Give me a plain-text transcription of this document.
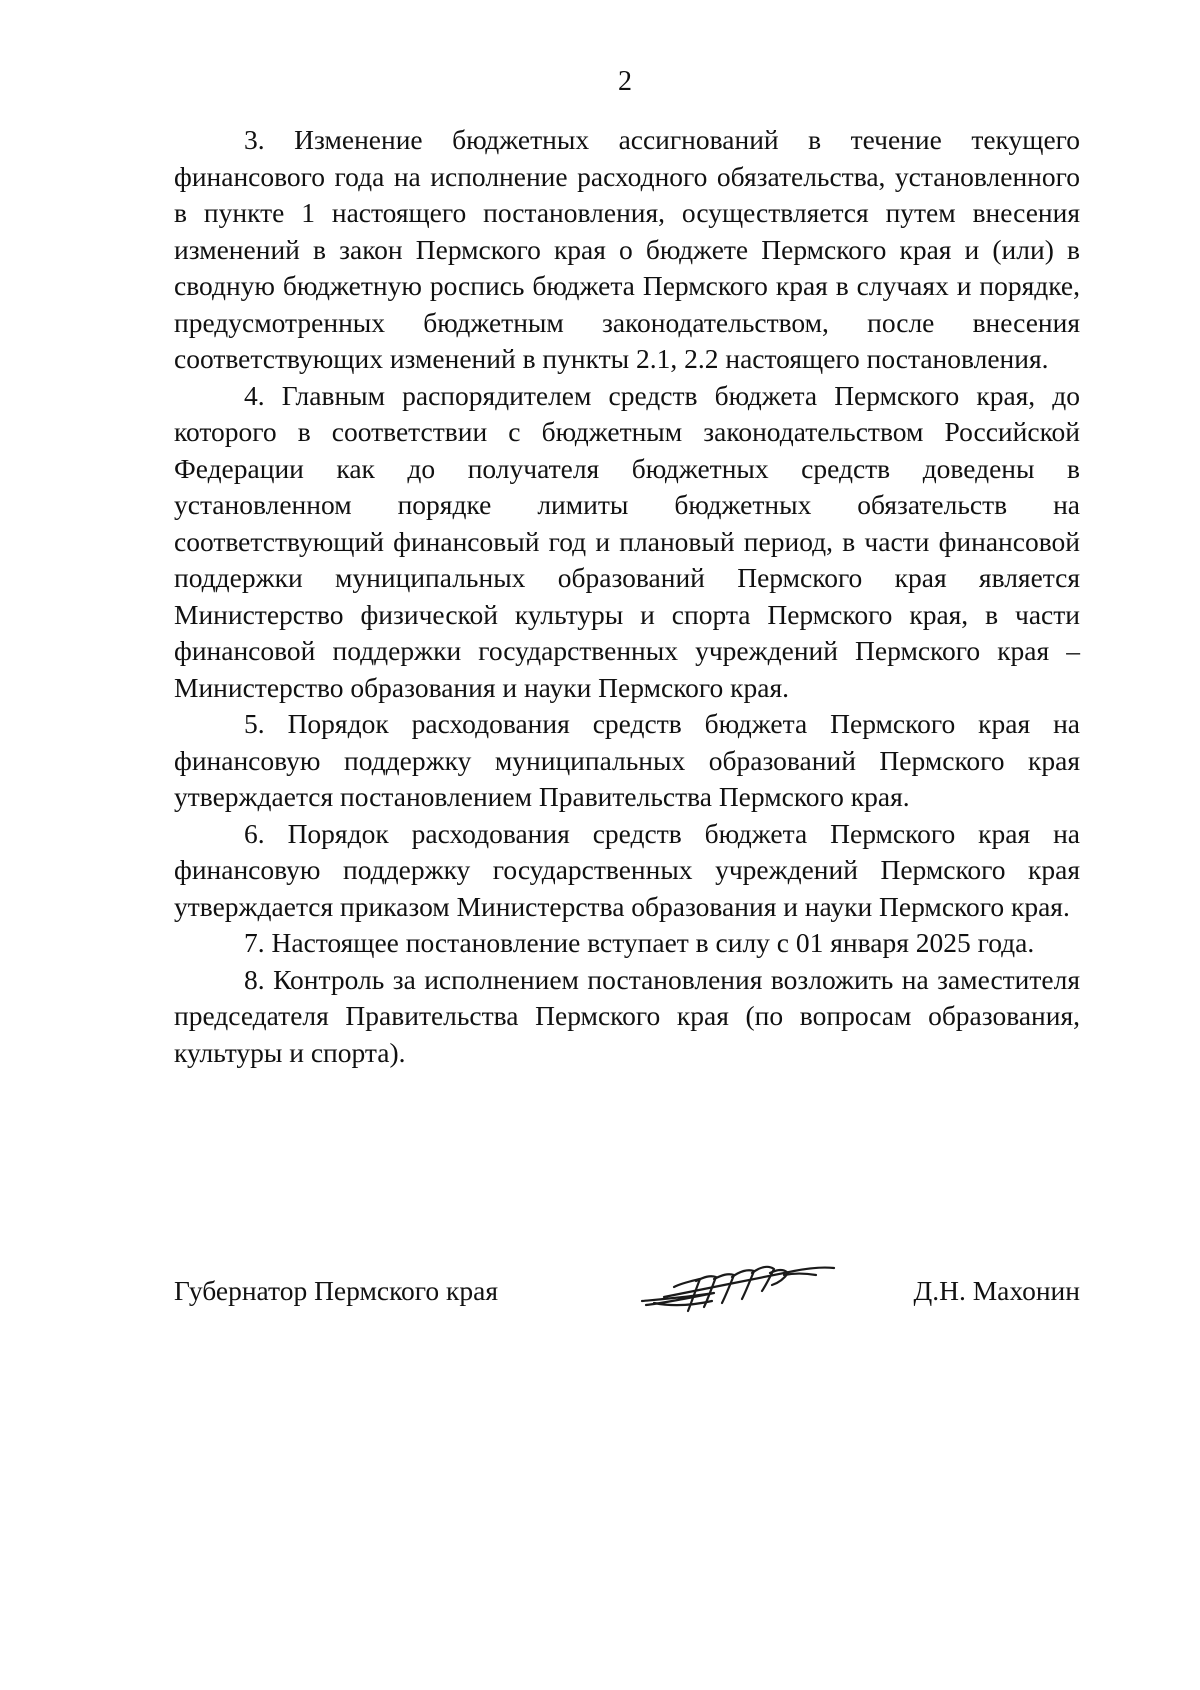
2

3. Изменение бюджетных ассигнований в течение текущего финансового года на исполнение расходного обязательства, установленного в пункте 1 настоящего постановления, осуществляется путем внесения изменений в закон Пермского края о бюджете Пермского края и (или) в сводную бюджетную роспись бюджета Пермского края в случаях и порядке, предусмотренных бюджетным законодательством, после внесения соответствующих изменений в пункты 2.1, 2.2 настоящего постановления.

4. Главным распорядителем средств бюджета Пермского края, до которого в соответствии с бюджетным законодательством Российской Федерации как до получателя бюджетных средств доведены в установленном порядке лимиты бюджетных обязательств на соответствующий финансовый год и плановый период, в части финансовой поддержки муниципальных образований Пермского края является Министерство физической культуры и спорта Пермского края, в части финансовой поддержки государственных учреждений Пермского края – Министерство образования и науки Пермского края.

5. Порядок расходования средств бюджета Пермского края на финансовую поддержку муниципальных образований Пермского края утверждается постановлением Правительства Пермского края.

6. Порядок расходования средств бюджета Пермского края на финансовую поддержку государственных учреждений Пермского края утверждается приказом Министерства образования и науки Пермского края.

7. Настоящее постановление вступает в силу с 01 января 2025 года.

8. Контроль за исполнением постановления возложить на заместителя председателя Правительства Пермского края (по вопросам образования, культуры и спорта).

Губернатор Пермского края	Д.Н. Махонин
